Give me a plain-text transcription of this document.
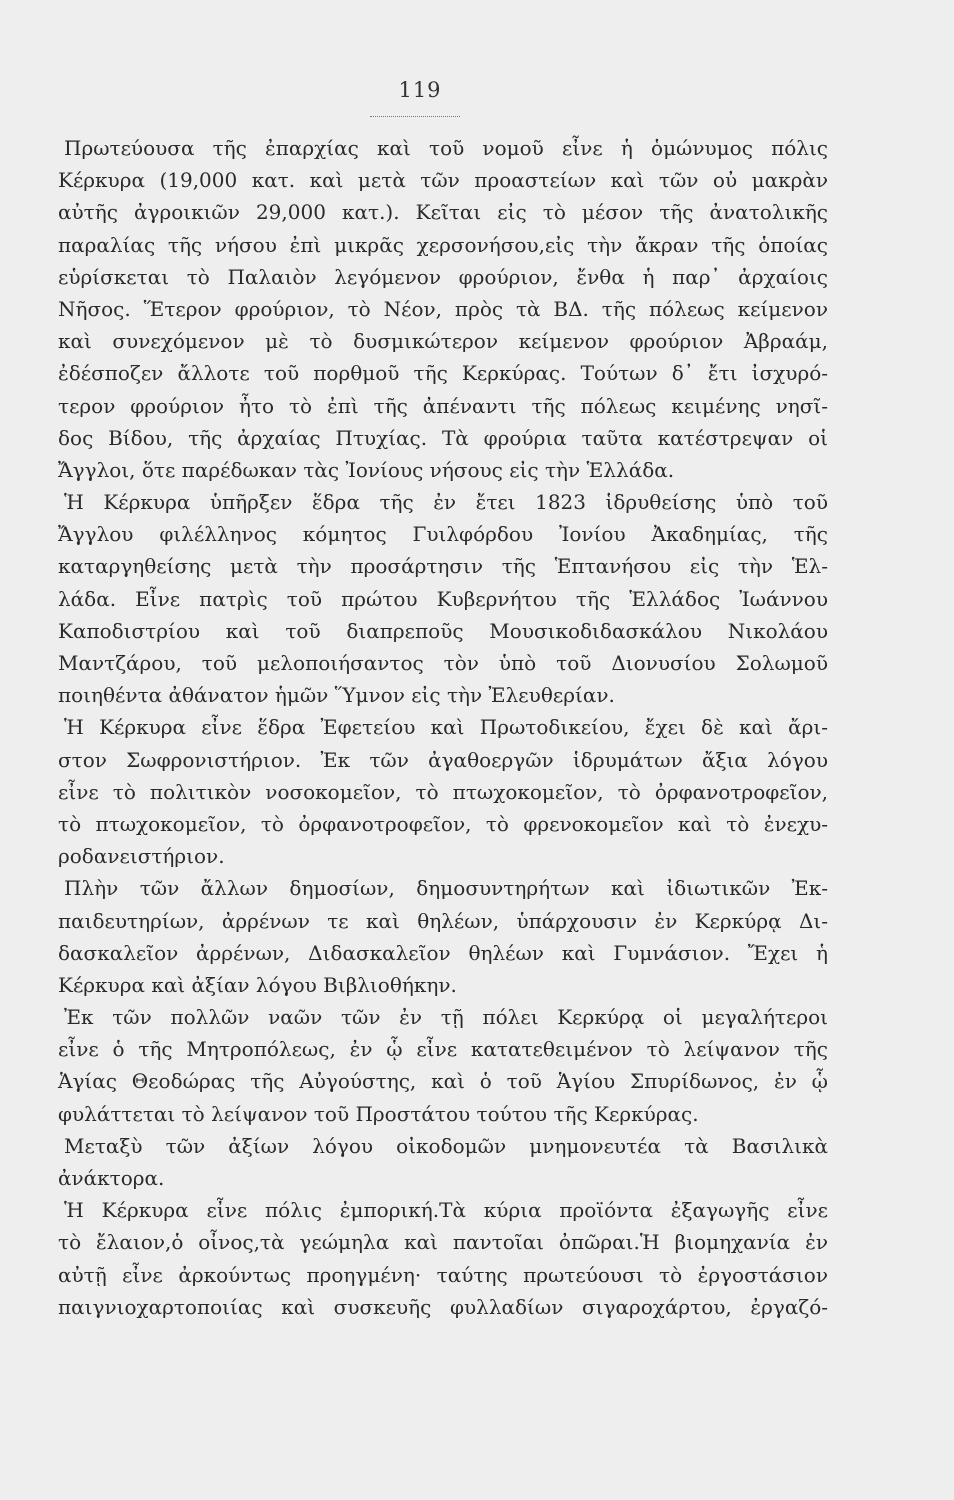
119
Πρωτεύουσα τῆς ἐπαρχίας καὶ τοῦ νομοῦ εἶνε ἡ ὁμώνυμος πόλις
Κέρκυρα (19,000 κατ. καὶ μετὰ τῶν προαστείων καὶ τῶν οὐ μακρὰν
αὐτῆς ἀγροικιῶν 29,000 κατ.). Κεῖται εἰς τὸ μέσον τῆς ἀνατολικῆς
παραλίας τῆς νήσου ἐπὶ μικρᾶς χερσονήσου,εἰς τὴν ἄκραν τῆς ὁποίας
εὑρίσκεται τὸ Παλαιὸν λεγόμενον φρούριον, ἔνθα ἡ παρ᾿ ἀρχαίοις
Νῆσος. Ἕτερον φρούριον, τὸ Νέον, πρὸς τὰ ΒΔ. τῆς πόλεως κείμενον
καὶ συνεχόμενον μὲ τὸ δυσμικώτερον κείμενον φρούριον Ἀβραάμ,
ἐδέσποζεν ἄλλοτε τοῦ πορθμοῦ τῆς Κερκύρας. Τούτων δ᾿ ἔτι ἰσχυρό-
τερον φρούριον ἦτο τὸ ἐπὶ τῆς ἀπέναντι τῆς πόλεως κειμένης νησῖ-
δος Βίδου, τῆς ἀρχαίας Πτυχίας. Τὰ φρούρια ταῦτα κατέστρεψαν οἱ
Ἄγγλοι, ὅτε παρέδωκαν τὰς Ἰονίους νήσους εἰς τὴν Ἑλλάδα.
Ἡ Κέρκυρα ὑπῆρξεν ἕδρα τῆς ἐν ἔτει 1823 ἱδρυθείσης ὑπὸ τοῦ
Ἄγγλου φιλέλληνος κόμητος Γυιλφόρδου Ἰονίου Ἀκαδημίας, τῆς
καταργηθείσης μετὰ τὴν προσάρτησιν τῆς Ἑπτανήσου εἰς τὴν Ἑλ-
λάδα. Εἶνε πατρὶς τοῦ πρώτου Κυβερνήτου τῆς Ἑλλάδος Ἰωάννου
Καποδιστρίου καὶ τοῦ διαπρεποῦς Μουσικοδιδασκάλου Νικολάου
Μαντζάρου, τοῦ μελοποιήσαντος τὸν ὑπὸ τοῦ Διονυσίου Σολωμοῦ
ποιηθέντα ἀθάνατον ἡμῶν Ὕμνον εἰς τὴν Ἐλευθερίαν.
Ἡ Κέρκυρα εἶνε ἕδρα Ἐφετείου καὶ Πρωτοδικείου, ἔχει δὲ καὶ ἄρι-
στον Σωφρονιστήριον. Ἐκ τῶν ἀγαθοεργῶν ἱδρυμάτων ἄξια λόγου
εἶνε τὸ πολιτικὸν νοσοκομεῖον, τὸ πτωχοκομεῖον, τὸ ὀρφανοτροφεῖον,
τὸ πτωχοκομεῖον, τὸ ὀρφανοτροφεῖον, τὸ φρενοκομεῖον καὶ τὸ ἐνεχυ-
ροδανειστήριον.
Πλὴν τῶν ἄλλων δημοσίων, δημοσυντηρήτων καὶ ἰδιωτικῶν Ἐκ-
παιδευτηρίων, ἀρρένων τε καὶ θηλέων, ὑπάρχουσιν ἐν Κερκύρᾳ Δι-
δασκαλεῖον ἀρρένων, Διδασκαλεῖον θηλέων καὶ Γυμνάσιον. Ἔχει ἡ
Κέρκυρα καὶ ἀξίαν λόγου Βιβλιοθήκην.
Ἐκ τῶν πολλῶν ναῶν τῶν ἐν τῇ πόλει Κερκύρᾳ οἱ μεγαλήτεροι
εἶνε ὁ τῆς Μητροπόλεως, ἐν ᾧ εἶνε κατατεθειμένον τὸ λείψανον τῆς
Ἁγίας Θεοδώρας τῆς Αὐγούστης, καὶ ὁ τοῦ Ἁγίου Σπυρίδωνος, ἐν ᾧ
φυλάττεται τὸ λείψανον τοῦ Προστάτου τούτου τῆς Κερκύρας.
Μεταξὺ τῶν ἀξίων λόγου οἰκοδομῶν μνημονευτέα τὰ Βασιλικὰ
ἀνάκτορα.
Ἡ Κέρκυρα εἶνε πόλις ἐμπορική.Τὰ κύρια προϊόντα ἐξαγωγῆς εἶνε
τὸ ἔλαιον,ὁ οἶνος,τὰ γεώμηλα καὶ παντοῖαι ὀπῶραι.Ἡ βιομηχανία ἐν
αὐτῇ εἶνε ἀρκούντως προηγμένη· ταύτης πρωτεύουσι τὸ ἐργοστάσιον
παιγνιοχαρτοποιίας καὶ συσκευῆς φυλλαδίων σιγαροχάρτου, ἐργαζό-
